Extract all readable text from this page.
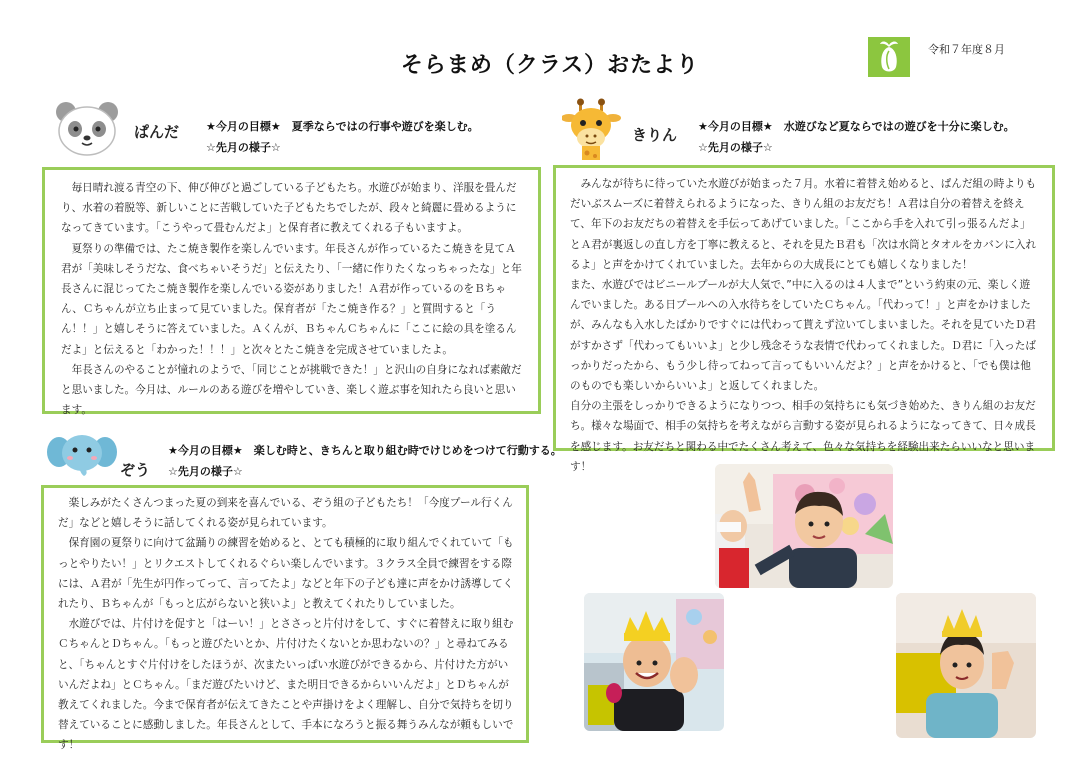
そらまめ（クラス）おたより
令和７年度８月
ぱんだ ★今月の目標★　夏季ならではの行事や遊びを楽しむ。
☆先月の様子☆

毎日晴れ渡る青空の下、伸び伸びと過ごしている子どもたち。水遊びが始まり、洋服を畳んだり、水着の着脱等、新しいことに苦戦していた子どもたちでしたが、段々と綺麗に畳めるようになってきています。「こうやって畳むんだよ」と保育者に教えてくれる子もいますよ。

夏祭りの準備では、たこ焼き製作を楽しんでいます。年長さんが作っているたこ焼きを見てＡ君が「美味しそうだな、食べちゃいそうだ」と伝えたり、「一緒に作りたくなっちゃったな」と年長さんに混じってたこ焼き製作を楽しんでいる姿がありました！Ａ君が作っているのをＢちゃん、Ｃちゃんが立ち止まって見ていました。保育者が「たこ焼き作る？」と質問すると「うん！！」と嬉しそうに答えていました。Ａくんが、ＢちゃんＣちゃんに「ここに絵の具を塗るんだよ」と伝えると「わかった！！！」と次々とたこ焼きを完成させていましたよ。

年長さんのやることが憧れのようで、「同じことが挑戦できた！」と沢山の自身になれば素敵だと思いました。今月は、ルールのある遊びを増やしていき、楽しく遊ぶ事を知れたら良いと思います。

きりん ★今月の目標★　水遊びなど夏ならではの遊びを十分に楽しむ。
☆先月の様子☆

みんなが待ちに待っていた水遊びが始まった７月。水着に着替え始めると、ぱんだ組の時よりもだいぶスムーズに着替えられるようになった、きりん組のお友だち！Ａ君は自分の着替えを終えて、年下のお友だちの着替えを手伝ってあげていました。「ここから手を入れて引っ張るんだよ」とＡ君が裏返しの直し方を丁寧に教えると、それを見たＢ君も「次は水筒とタオルをカバンに入れるよ」と声をかけてくれていました。去年からの大成長にとても嬉しくなりました！

また、水遊びではビニールプールが大人気で、”中に入るのは４人まで”という約束の元、楽しく遊んでいました。ある日プールへの入水待ちをしていたＣちゃん。「代わって！」と声をかけましたが、みんなも入水したばかりですぐには代わって貰えず泣いてしまいました。それを見ていたＤ君がすかさず「代わってもいいよ」と少し残念そうな表情で代わってくれました。Ｄ君に「入ったばっかりだったから、もう少し待ってねって言ってもいいんだよ？」と声をかけると、「でも僕は他のものでも楽しいからいいよ」と返してくれました。

自分の主張をしっかりできるようになりつつ、相手の気持ちにも気づき始めた、きりん組のお友だち。様々な場面で、相手の気持ちを考えながら言動する姿が見られるようになってきて、日々成長を感じます。お友だちと関わる中でたくさん考えて、色々な気持ちを経験出来たらいいなと思います！

ぞう
★今月の目標★　楽しむ時と、きちんと取り組む時でけじめをつけて行動する。
☆先月の様子☆

楽しみがたくさんつまった夏の到来を喜んでいる、ぞう組の子どもたち！「今度プール行くんだ」などと嬉しそうに話してくれる姿が見られています。

保育園の夏祭りに向けて盆踊りの練習を始めると、とても積極的に取り組んでくれていて「もっとやりたい！」とリクエストしてくれるぐらい楽しんでいます。３クラス全員で練習をする際には、Ａ君が「先生が円作ってって、言ってたよ」などと年下の子ども達に声をかけ誘導してくれたり、Ｂちゃんが「もっと広がらないと狭いよ」と教えてくれたりしていました。

水遊びでは、片付けを促すと「はーい！」とささっと片付けをして、すぐに着替えに取り組むＣちゃんとＤちゃん。「もっと遊びたいとか、片付けたくないとか思わないの？」と尋ねてみると、「ちゃんとすぐ片付けをしたほうが、次またいっぱい水遊びができるから、片付けた方がいいんだよね」とＣちゃん。「まだ遊びたいけど、また明日できるからいいんだよ」とＤちゃんが教えてくれました。今まで保育者が伝えてきたことや声掛けをよく理解し、自分で気持ちを切り替えていることに感動しました。年長さんとして、手本になろうと振る舞うみんなが頼もしいです！
